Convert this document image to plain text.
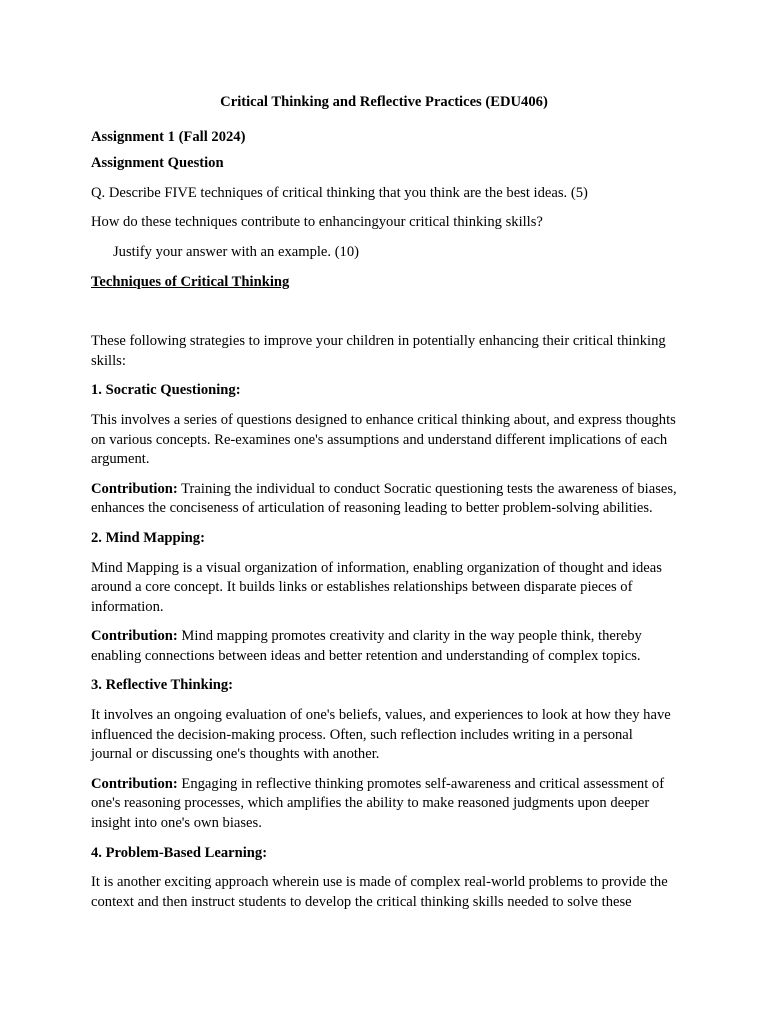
Critical Thinking and Reflective Practices (EDU406)

Assignment 1 (Fall 2024)

Assignment Question

Q. Describe FIVE techniques of critical thinking that you think are the best ideas. (5)

How do these techniques contribute to enhancingyour critical thinking skills?

Justify your answer with an example. (10)

Techniques of Critical Thinking

These following strategies to improve your children in potentially enhancing their critical thinking skills:

1. Socratic Questioning:

This involves a series of questions designed to enhance critical thinking about, and express thoughts on various concepts. Re-examines one's assumptions and understand different implications of each argument.

Contribution: Training the individual to conduct Socratic questioning tests the awareness of biases, enhances the conciseness of articulation of reasoning leading to better problem-solving abilities.

2. Mind Mapping:

Mind Mapping is a visual organization of information, enabling organization of thought and ideas around a core concept. It builds links or establishes relationships between disparate pieces of information.

Contribution: Mind mapping promotes creativity and clarity in the way people think, thereby enabling connections between ideas and better retention and understanding of complex topics.

3. Reflective Thinking:

It involves an ongoing evaluation of one's beliefs, values, and experiences to look at how they have influenced the decision-making process. Often, such reflection includes writing in a personal journal or discussing one's thoughts with another.

Contribution: Engaging in reflective thinking promotes self-awareness and critical assessment of one's reasoning processes, which amplifies the ability to make reasoned judgments upon deeper insight into one's own biases.

4. Problem-Based Learning:

It is another exciting approach wherein use is made of complex real-world problems to provide the context and then instruct students to develop the critical thinking skills needed to solve these
